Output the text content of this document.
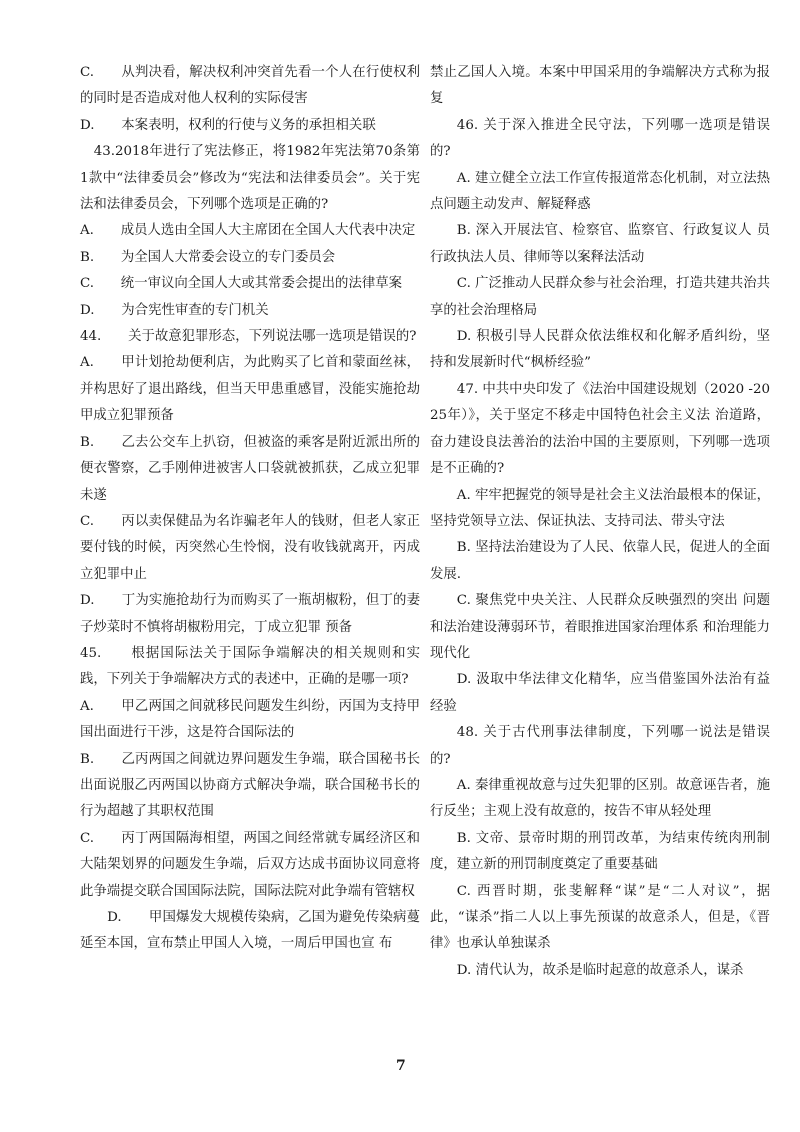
C.　　从判决看，解决权利冲突首先看一个人在行使权利的同时是否造成对他人权利的实际侵害

D.　　本案表明，权利的行使与义务的承担相关联

　43.2018年进行了宪法修正，将1982年宪法第70条第1款中“法律委员会”修改为“宪法和法律委员会”。关于宪法和法律委员会，下列哪个选项是正确的?

A.　　成员人选由全国人大主席团在全国人大代表中决定

B.　　为全国人大常委会设立的专门委员会

C.　　统一审议向全国人大或其常委会提出的法律草案

D.　　为合宪性审查的专门机关

44.　　关于故意犯罪形态，下列说法哪一选项是错误的?

A.　　甲计划抢劫便利店，为此购买了匕首和蒙面丝袜，并构思好了退出路线，但当天甲患重感冒，没能实施抢劫甲成立犯罪预备

B.　　乙去公交车上扒窃，但被盗的乘客是附近派出所的便衣警察，乙手刚伸进被害人口袋就被抓获，乙成立犯罪未遂

C.　　丙以卖保健品为名诈骗老年人的钱财，但老人家正要付钱的时候，丙突然心生怜悯，没有收钱就离开，丙成立犯罪中止

D.　　丁为实施抢劫行为而购买了一瓶胡椒粉，但丁的妻子炒菜时不慎将胡椒粉用完，丁成立犯罪 预备

45.　　根据国际法关于国际争端解决的相关规则和实践，下列关于争端解决方式的表述中，正确的是哪一项?

A.　　甲乙两国之间就移民问题发生纠纷，丙国为支持甲国出面进行干涉，这是符合国际法的

B.　　乙丙两国之间就边界问题发生争端，联合国秘书长出面说服乙丙两国以协商方式解决争端，联合国秘书长的行为超越了其职权范围

C.　　丙丁两国隔海相望，两国之间经常就专属经济区和大陆架划界的问题发生争端，后双方达成书面协议同意将此争端提交联合国国际法院，国际法院对此争端有管辖权

　　D.　　甲国爆发大规模传染病，乙国为避免传染病蔓延至本国，宣布禁止甲国人入境，一周后甲国也宣 布

禁止乙国人入境。本案中甲国采用的争端解决方式称为报复

46. 关于深入推进全民守法，下列哪一选项是错误的?

A. 建立健全立法工作宣传报道常态化机制，对立法热点问题主动发声、解疑释惑

B. 深入开展法官、检察官、监察官、行政复议人 员行政执法人员、律师等以案释法活动

C. 广泛推动人民群众参与社会治理，打造共建共治共享的社会治理格局

D. 积极引导人民群众依法维权和化解矛盾纠纷，坚持和发展新时代“枫桥经验”

47. 中共中央印发了《法治中国建设规划（2020 -2025年）》，关于坚定不移走中国特色社会主义法 治道路，奋力建设良法善治的法治中国的主要原则，下列哪一选项是不正确的?

A. 牢牢把握党的领导是社会主义法治最根本的保证，坚持党领导立法、保证执法、支持司法、带头守法

B. 坚持法治建设为了人民、依靠人民，促进人的全面发展.

C. 聚焦党中央关注、人民群众反映强烈的突出 问题和法治建设薄弱环节，着眼推进国家治理体系 和治理能力现代化

D. 汲取中华法律文化精华，应当借鉴国外法治有益经验

48. 关于古代刑事法律制度，下列哪一说法是错误的?

A. 秦律重视故意与过失犯罪的区别。故意诬告者，施行反坐；主观上没有故意的，按告不审从轻处理

B. 文帝、景帝时期的刑罚改革，为结束传统肉刑制度，建立新的刑罚制度奠定了重要基础

C. 西晋时期，张斐解释“谋”是“二人对议”，据此，“谋杀”指二人以上事先预谋的故意杀人，但是，《晋律》也承认单独谋杀

D. 清代认为，故杀是临时起意的故意杀人，谋杀

7
